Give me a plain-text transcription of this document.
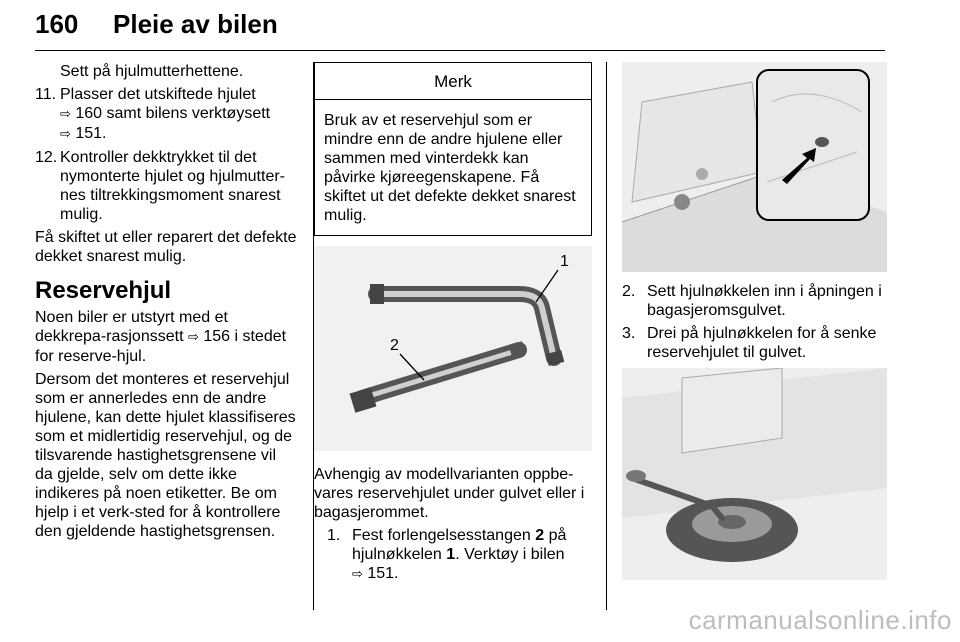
160 Pleie av bilen

Sett på hjulmutterhettene.

11. Plasser det utskiftede hjulet
⇨ 160 samt bilens verktøysett
⇨ 151.
12. Kontroller dekktrykket til det nymonterte hjulet og hjulmutter-nes tiltrekkingsmoment snarest mulig.

Få skiftet ut eller reparert det defekte dekket snarest mulig.

Reservehjul

Noen biler er utstyrt med et dekkrepa-rasjonssett ⇨ 156 i stedet for reserve-hjul.

Dersom det monteres et reservehjul som er annerledes enn de andre hjulene, kan dette hjulet klassifiseres som et midlertidig reservehjul, og de tilsvarende hastighetsgrensene vil da gjelde, selv om dette ikke indikeres på noen etiketter. Be om hjelp i et verk-sted for å kontrollere den gjeldende hastighetsgrensen.

Merk
Bruk av et reservehjul som er mindre enn de andre hjulene eller sammen med vinterdekk kan påvirke kjøreegenskapene. Få skiftet ut det defekte dekket snarest mulig.
1
2

Avhengig av modellvarianten oppbe-vares reservehjulet under gulvet eller i bagasjerommet.

1. Fest forlengelsesstangen 2 på hjulnøkkelen 1. Verktøy i bilen
⇨ 151.
2. Sett hjulnøkkelen inn i åpningen i bagasjeromsgulvet.
3. Drei på hjulnøkkelen for å senke reservehjulet til gulvet.
carmanualsonline.info
